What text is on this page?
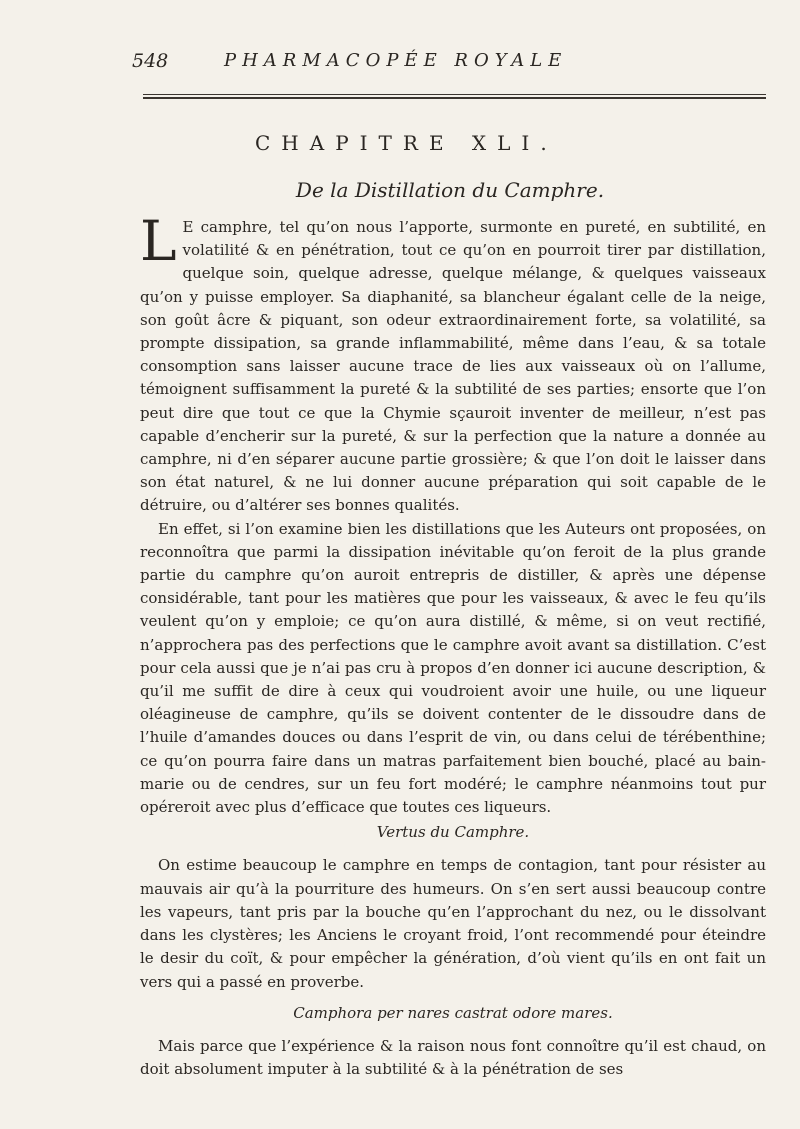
548	PHARMACOPÉE ROYALE
CHAPITRE XLI.
De la Distillation du Camphre.

L E camphre, tel qu’on nous l’apporte, surmonte en pureté, en subtilité, en volatilité & en pénétration, tout ce qu’on en pourroit tirer par distillation, quelque soin, quelque adresse, quelque mélange, & quelques vaisseaux qu’on y puisse employer. Sa diaphanité, sa blancheur égalant celle de la neige, son goût âcre & piquant, son odeur extraordinairement forte, sa volatilité, sa prompte dissipation, sa grande inflammabilité, même dans l’eau, & sa totale consomption sans laisser aucune trace de lies aux vaisseaux où on l’allume, témoignent suffisamment la pureté & la subtilité de ses parties; ensorte que l’on peut dire que tout ce que la Chymie sçauroit inventer de meilleur, n’est pas capable d’encherir sur la pureté, & sur la perfection que la nature a donnée au camphre, ni d’en séparer aucune partie grossière; & que l’on doit le laisser dans son état naturel, & ne lui donner aucune préparation qui soit capable de le détruire, ou d’altérer ses bonnes qualités.

En effet, si l’on examine bien les distillations que les Auteurs ont proposées, on reconnoîtra que parmi la dissipation inévitable qu’on feroit de la plus grande partie du camphre qu’on auroit entrepris de distiller, & après une dépense considérable, tant pour les matières que pour les vaisseaux, & avec le feu qu’ils veulent qu’on y emploie; ce qu’on aura distillé, & même, si on veut rectifié, n’approchera pas des perfections que le camphre avoit avant sa distillation. C’est pour cela aussi que je n’ai pas cru à propos d’en donner ici aucune description, & qu’il me suffit de dire à ceux qui voudroient avoir une huile, ou une liqueur oléagineuse de camphre, qu’ils se doivent contenter de le dissoudre dans de l’huile d’amandes douces ou dans l’esprit de vin, ou dans celui de térébenthine; ce qu’on pourra faire dans un matras parfaitement bien bouché, placé au bain-marie ou de cendres, sur un feu fort modéré; le camphre néanmoins tout pur opéreroit avec plus d’efficace que toutes ces liqueurs.

Vertus du Camphre.

On estime beaucoup le camphre en temps de contagion, tant pour résister au mauvais air qu’à la pourriture des humeurs. On s’en sert aussi beaucoup contre les vapeurs, tant pris par la bouche qu’en l’approchant du nez, ou le dissolvant dans les clystères; les Anciens le croyant froid, l’ont recommendé pour éteindre le desir du coït, & pour empêcher la génération, d’où vient qu’ils en ont fait un vers qui a passé en proverbe.

Camphora per nares castrat odore mares.

Mais parce que l’expérience & la raison nous font connoître qu’il est chaud, on doit absolument imputer à la subtilité & à la pénétration de ses
